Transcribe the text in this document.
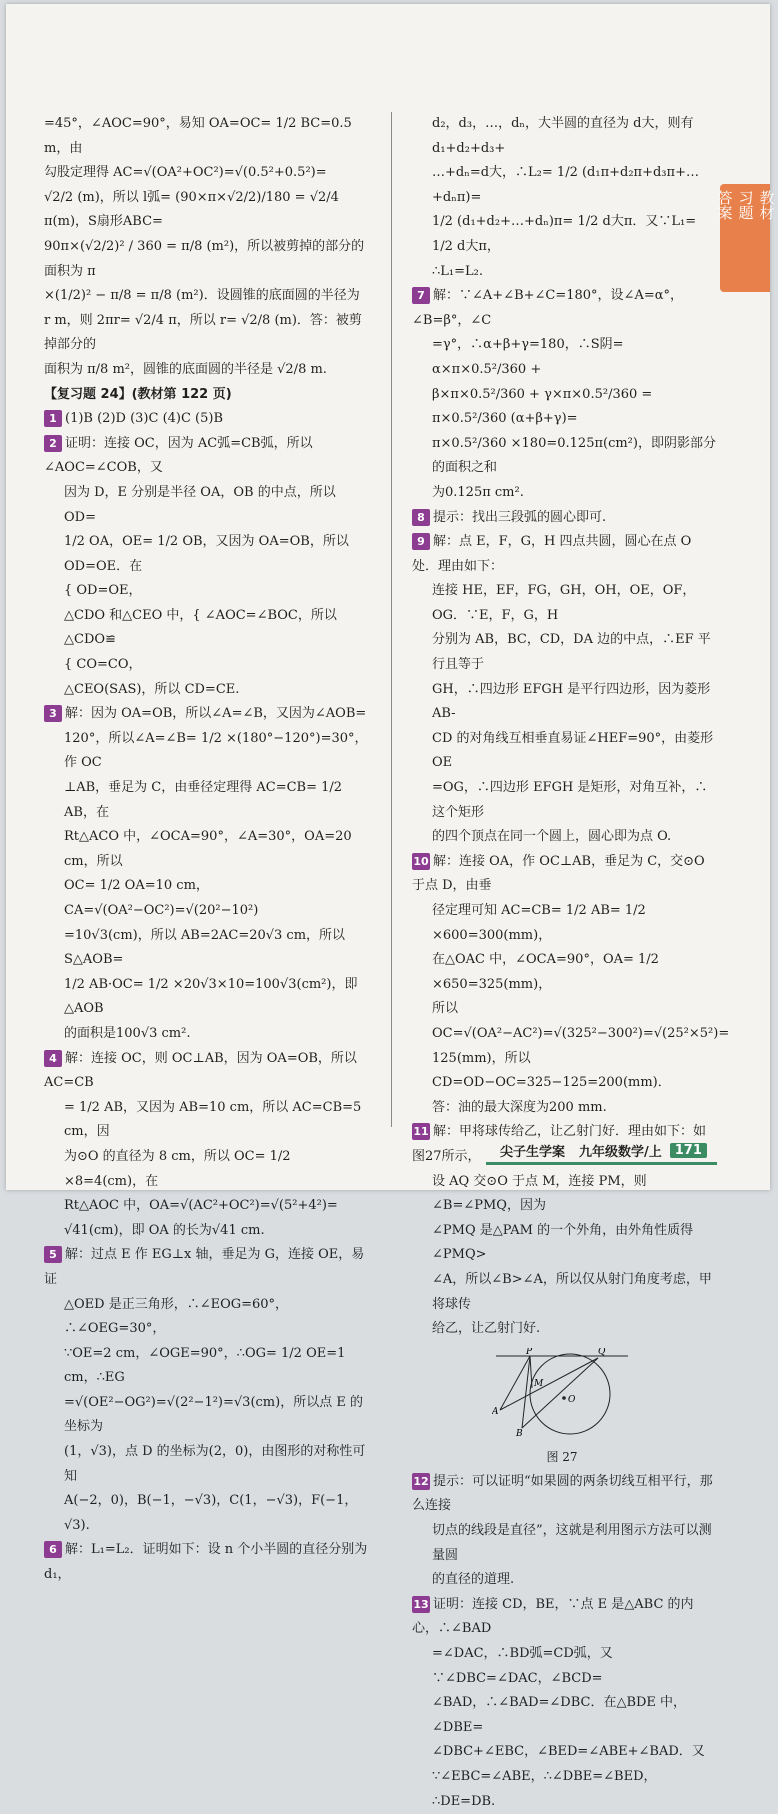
教材
习题
答案
=45°，∠AOC=90°，易知 OA=OC= 1/2 BC=0.5 m，由
勾股定理得 AC=√(OA²+OC²)=√(0.5²+0.5²)=
√2/2 (m)，所以 l弧= (90×π×√2/2)/180 = √2/4 π(m)，S扇形ABC=
90π×(√2/2)² / 360 = π/8 (m²)，所以被剪掉的部分的面积为 π
×(1/2)² − π/8 = π/8 (m²)．设圆锥的底面圆的半径为
r m，则 2πr= √2/4 π，所以 r= √2/8 (m)．答：被剪掉部分的
面积为 π/8 m²，圆锥的底面圆的半径是 √2/8 m.
【复习题 24】(教材第 122 页)
1 (1)B (2)D (3)C (4)C (5)B
2 证明：连接 OC，因为 AC弧=CB弧，所以∠AOC=∠COB，又
因为 D，E 分别是半径 OA，OB 的中点，所以 OD=
1/2 OA，OE= 1/2 OB，又因为 OA=OB，所以 OD=OE．在
{ OD=OE，
△CDO 和△CEO 中，{ ∠AOC=∠BOC，所以△CDO≌
{ CO=CO，
△CEO(SAS)，所以 CD=CE.
3 解：因为 OA=OB，所以∠A=∠B，又因为∠AOB=
120°，所以∠A=∠B= 1/2 ×(180°−120°)=30°，作 OC
⊥AB，垂足为 C，由垂径定理得 AC=CB= 1/2 AB，在
Rt△ACO 中，∠OCA=90°，∠A=30°，OA=20 cm，所以
OC= 1/2 OA=10 cm，CA=√(OA²−OC²)=√(20²−10²)
=10√3(cm)，所以 AB=2AC=20√3 cm，所以 S△AOB=
1/2 AB·OC= 1/2 ×20√3×10=100√3(cm²)，即△AOB
的面积是100√3 cm².
4 解：连接 OC，则 OC⊥AB，因为 OA=OB，所以 AC=CB
= 1/2 AB，又因为 AB=10 cm，所以 AC=CB=5 cm，因
为⊙O 的直径为 8 cm，所以 OC= 1/2 ×8=4(cm)，在
Rt△AOC 中，OA=√(AC²+OC²)=√(5²+4²)=
√41(cm)，即 OA 的长为√41 cm.
5 解：过点 E 作 EG⊥x 轴，垂足为 G，连接 OE，易证
△OED 是正三角形，∴∠EOG=60°，∴∠OEG=30°，
∵OE=2 cm，∠OGE=90°，∴OG= 1/2 OE=1 cm，∴EG
=√(OE²−OG²)=√(2²−1²)=√3(cm)，所以点 E 的坐标为
(1，√3)，点 D 的坐标为(2，0)，由图形的对称性可知
A(−2，0)，B(−1，−√3)，C(1，−√3)，F(−1，√3).
6 解：L₁=L₂．证明如下：设 n 个小半圆的直径分别为 d₁，
d₂，d₃，…，dₙ，大半圆的直径为 d大，则有 d₁+d₂+d₃+
…+dₙ=d大，∴L₂= 1/2 (d₁π+d₂π+d₃π+…+dₙπ)=
1/2 (d₁+d₂+…+dₙ)π= 1/2 d大π．又∵L₁= 1/2 d大π，
∴L₁=L₂.
7 解：∵∠A+∠B+∠C=180°，设∠A=α°，∠B=β°，∠C
=γ°，∴α+β+γ=180，∴S阴= α×π×0.5²/360 +
β×π×0.5²/360 + γ×π×0.5²/360 = π×0.5²/360 (α+β+γ)=
π×0.5²/360 ×180=0.125π(cm²)，即阴影部分的面积之和
为0.125π cm².
8 提示：找出三段弧的圆心即可.
9 解：点 E，F，G，H 四点共圆，圆心在点 O 处．理由如下：
连接 HE，EF，FG，GH，OH，OE，OF，OG．∵E，F，G，H
分别为 AB，BC，CD，DA 边的中点，∴EF 平行且等于
GH，∴四边形 EFGH 是平行四边形，因为菱形 AB-
CD 的对角线互相垂直易证∠HEF=90°，由菱形 OE
=OG，∴四边形 EFGH 是矩形，对角互补，∴这个矩形
的四个顶点在同一个圆上，圆心即为点 O.
10 解：连接 OA，作 OC⊥AB，垂足为 C，交⊙O 于点 D，由垂
径定理可知 AC=CB= 1/2 AB= 1/2 ×600=300(mm)，
在△OAC 中，∠OCA=90°，OA= 1/2 ×650=325(mm)，
所以 OC=√(OA²−AC²)=√(325²−300²)=√(25²×5²)=
125(mm)，所以 CD=OD−OC=325−125=200(mm)．
答：油的最大深度为200 mm.
11 解：甲将球传给乙，让乙射门好．理由如下：如图27所示，
设 AQ 交⊙O 于点 M，连接 PM，则∠B=∠PMQ，因为
∠PMQ 是△PAM 的一个外角，由外角性质得∠PMQ>
∠A，所以∠B>∠A，所以仅从射门角度考虑，甲将球传
给乙，让乙射门好.
P	Q
M
O
A
B
图 27
12 提示：可以证明“如果圆的两条切线互相平行，那么连接
切点的线段是直径”，这就是利用图示方法可以测量圆
的直径的道理.
13 证明：连接 CD，BE，∵点 E 是△ABC 的内心，∴∠BAD
=∠DAC，∴BD弧=CD弧，又∵∠DBC=∠DAC，∠BCD=
∠BAD，∴∠BAD=∠DBC．在△BDE 中，∠DBE=
∠DBC+∠EBC，∠BED=∠ABE+∠BAD．又
∵∠EBC=∠ABE，∴∠DBE=∠BED，∴DE=DB.
尖子生学案 九年级数学/上	171
